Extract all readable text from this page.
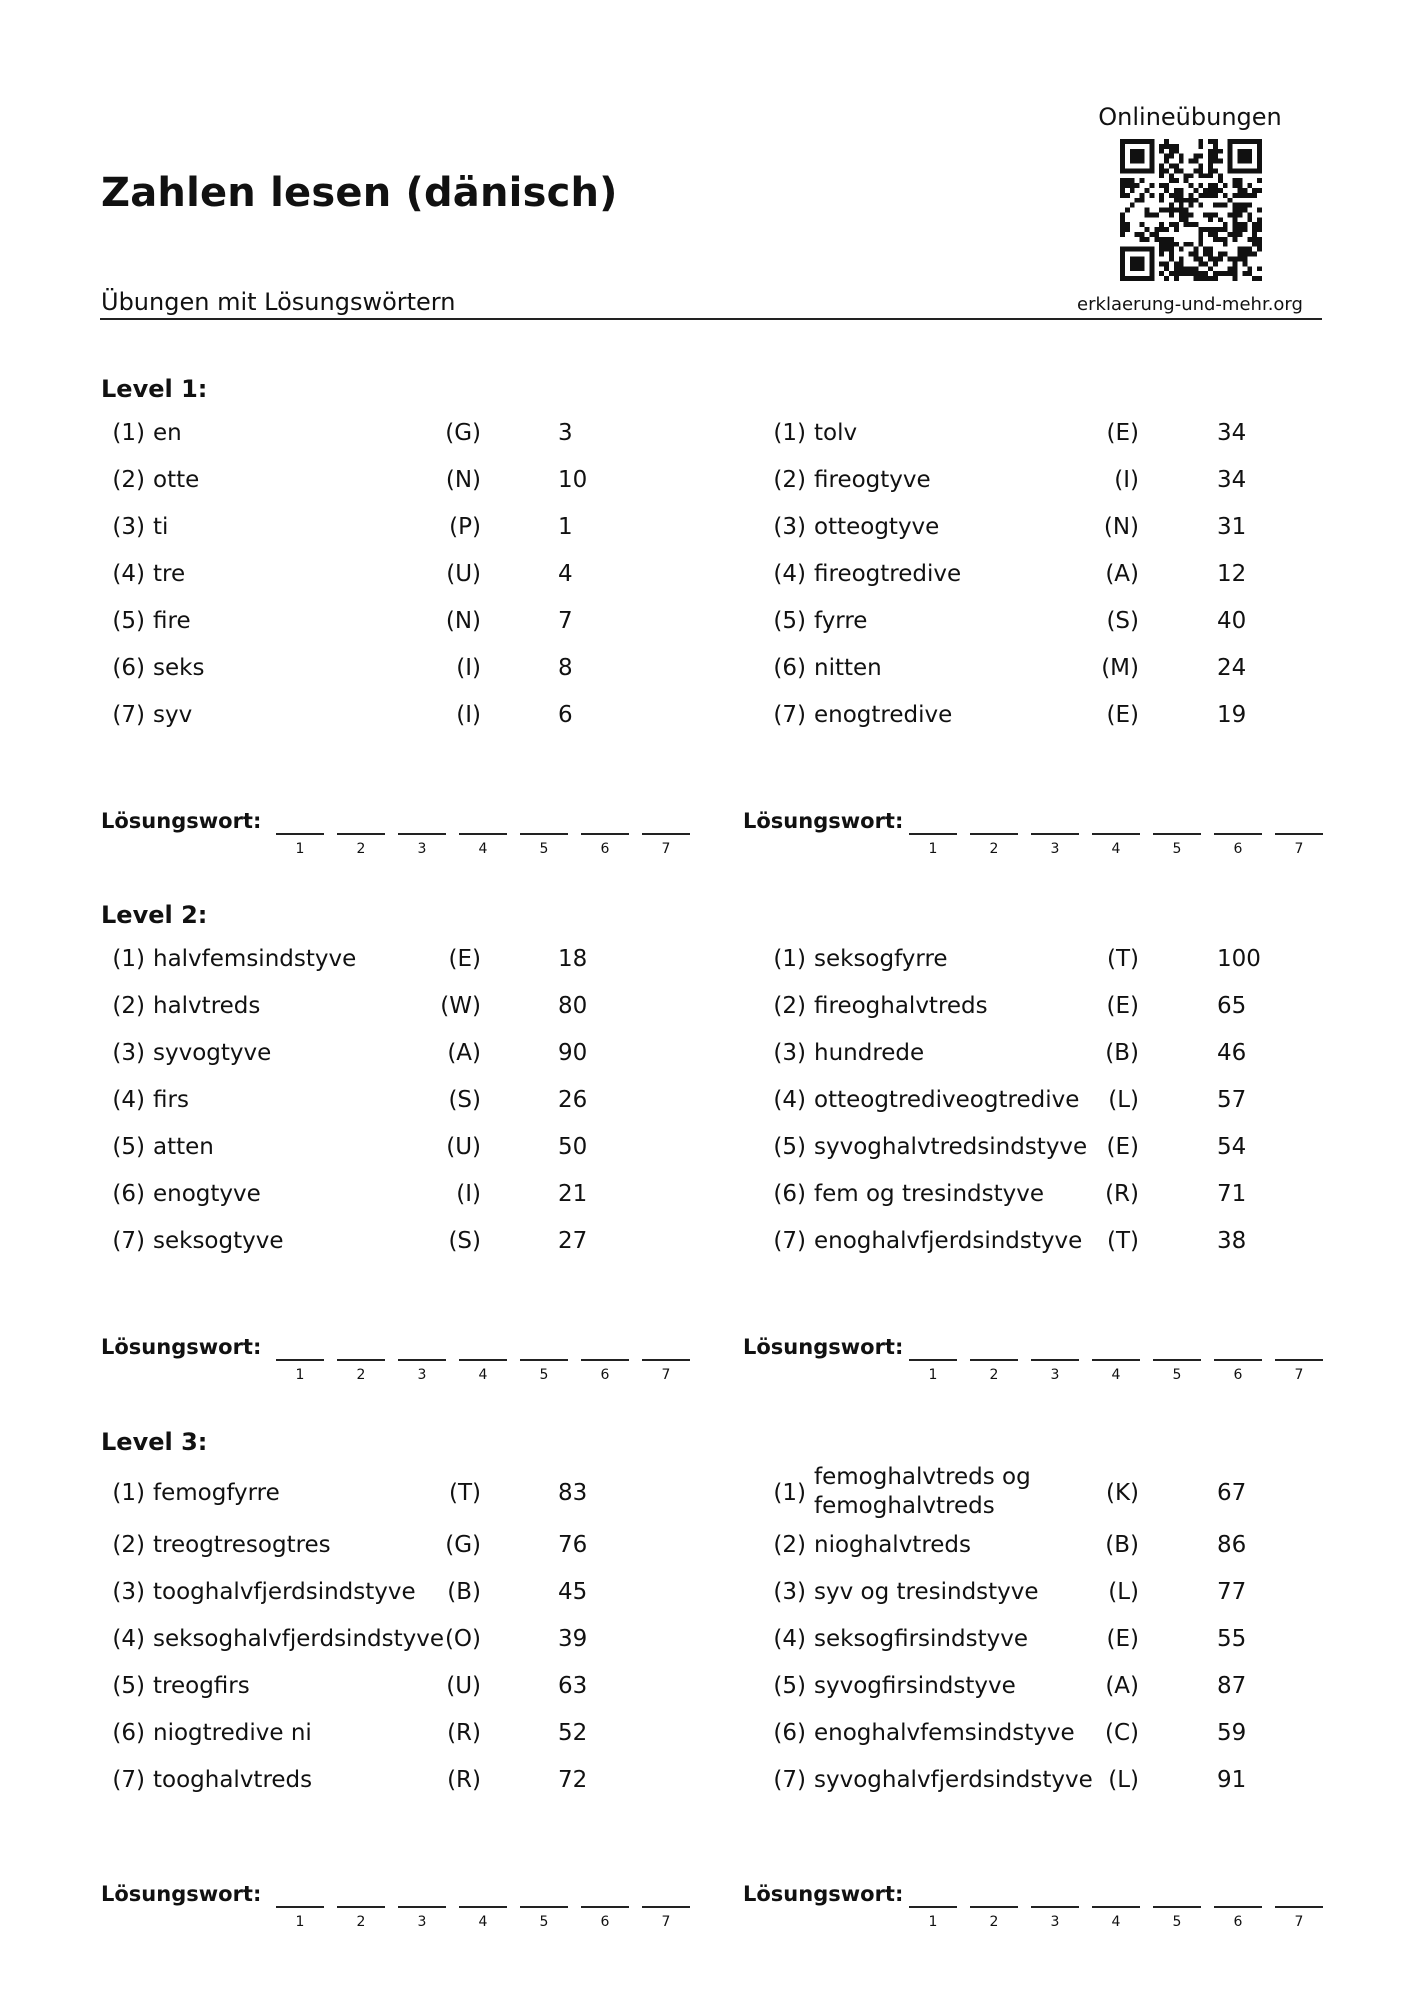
Zahlen lesen (dänisch)
Onlineübungen
Übungen mit Lösungswörtern	erklaerung-und-mehr.org
Level 1:
(1) en	(G)	3
(2) otte	(N)	10
(3) ti	(P)	1
(4) tre	(U)	4
(5) fire	(N)	7
(6) seks	(I)	8
(7) syv	(I)	6
Lösungswort:
1	2	3	4	5	6	7
(1) tolv	(E)	34
(2) fireogtyve	(I)	34
(3) otteogtyve	(N)	31
(4) fireogtredive	(A)	12
(5) fyrre	(S)	40
(6) nitten	(M)	24
(7) enogtredive	(E)	19
Lösungswort:
1	2	3	4	5	6	7
Level 2:
(1) halvfemsindstyve	(E)	18
(2) halvtreds	(W)	80
(3) syvogtyve	(A)	90
(4) firs	(S)	26
(5) atten	(U)	50
(6) enogtyve	(I)	21
(7) seksogtyve	(S)	27
Lösungswort:
1	2	3	4	5	6	7
(1) seksogfyrre	(T)	100
(2) fireoghalvtreds	(E)	65
(3) hundrede	(B)	46
(4) otteogtrediveogtredive	(L)	57
(5) syvoghalvtredsindstyve (E)	54
(6) fem og tresindstyve	(R)	71
(7) enoghalvfjerdsindstyve	(T)	38
Lösungswort:
1	2	3	4	5	6	7
Level 3:
(1) femogfyrre	(T)	83
(2) treogtresogtres	(G)	76
(3) tooghalvfjerdsindstyve	(B)	45
(4) seksoghalvfjerdsindstyve (O)	39
(5) treogfirs	(U)	63
(6) niogtredive ni	(R)	52
(7) tooghalvtreds	(R)	72
Lösungswort:
1	2	3	4	5	6	7
(1)
femoghalvtreds og femoghalvtreds	(K)	67
(2) nioghalvtreds	(B)	86
(3) syv og tresindstyve	(L)	77
(4) seksogfirsindstyve	(E)	55
(5) syvogfirsindstyve	(A)	87
(6) enoghalvfemsindstyve	(C)	59
(7) syvoghalvfjerdsindstyve (L)	91
Lösungswort:
1	2	3	4	5	6	7
